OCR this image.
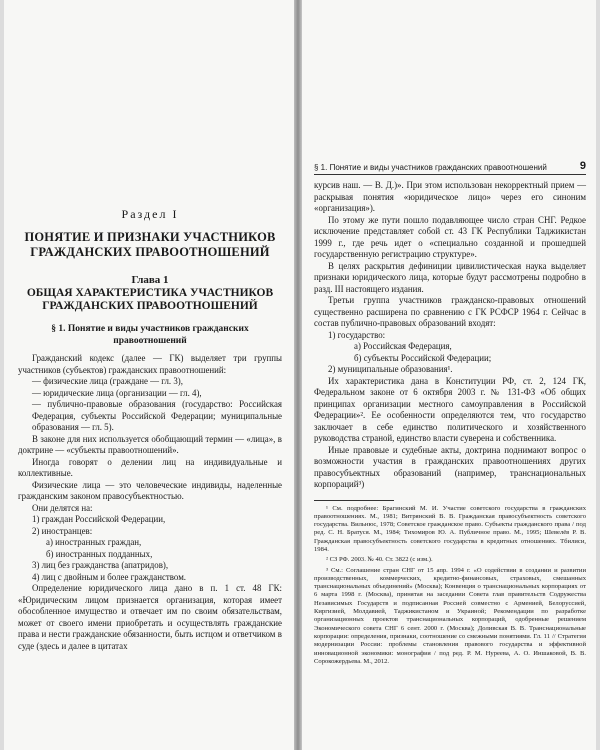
Раздел I
ПОНЯТИЕ И ПРИЗНАКИ УЧАСТНИКОВ ГРАЖДАНСКИХ ПРАВООТНОШЕНИЙ
Глава 1
ОБЩАЯ ХАРАКТЕРИСТИКА УЧАСТНИКОВ ГРАЖДАНСКИХ ПРАВООТНОШЕНИЙ
§ 1. Понятие и виды участников гражданских правоотношений

Гражданский кодекс (далее — ГК) выделяет три группы участников (субъектов) гражданских правоотношений:

— физические лица (граждане — гл. 3),

— юридические лица (организации — гл. 4),

— публично-правовые образования (государство: Российская Федерация, субъекты Российской Федерации; муниципальные образования — гл. 5).

В законе для них используется обобщающий термин — «лица», в доктрине — «субъекты правоотношений».

Иногда говорят о делении лиц на индивидуальные и коллективные.

Физические лица — это человеческие индивиды, наделенные гражданским законом правосубъектностью.

Они делятся на:

1) граждан Российской Федерации,

2) иностранцев:

а) иностранных граждан,

б) иностранных подданных,

3) лиц без гражданства (апатридов),

4) лиц с двойным и более гражданством.

Определение юридического лица дано в п. 1 ст. 48 ГК: «Юридическим лицом признается организация, которая имеет обособленное имущество и отвечает им по своим обязательствам, может от своего имени приобретать и осуществлять гражданские права и нести гражданские обязанности, быть истцом и ответчиком в суде (здесь и далее в цитатах

§ 1. Понятие и виды участников гражданских правоотношений	9

курсив наш. — В. Д.)». При этом использован некорректный прием — раскрывая понятия «юридическое лицо» через его синоним «организация»).

По этому же пути пошло подавляющее число стран СНГ. Редкое исключение представляет собой ст. 43 ГК Республики Таджикистан 1999 г., где речь идет о «специально созданной и прошедшей государственную регистрацию структуре».

В целях раскрытия дефиниции цивилистическая наука выделяет признаки юридического лица, которые будут рассмотрены подробно в разд. III настоящего издания.

Третьи группа участников гражданско-правовых отношений существенно расширена по сравнению с ГК РСФСР 1964 г. Сейчас в состав публично-правовых образований входят:

1) государство:

а) Российская Федерация,

б) субъекты Российской Федерации;

2) муниципальные образования¹.

Их характеристика дана в Конституции РФ, ст. 2, 124 ГК, Федеральном законе от 6 октября 2003 г. № 131-ФЗ «Об общих принципах организации местного самоуправления в Российской Федерации»². Ее особенности определяются тем, что государство заключает в себе единство политического и хозяйственного руководства страной, единство власти суверена и собственника.

Иные правовые и судебные акты, доктрина поднимают вопрос о возможности участия в гражданских правоотношениях других правосубъектных образований (например, транснациональных корпораций³)

¹ См. подробнее: Брагинский М. И. Участие советского государства в гражданских правоотношениях. М., 1981; Витрянский В. В. Гражданская правосубъектность советского государства. Вильнюс, 1978; Советское гражданское право. Субъекты гражданского права / под ред. С. Н. Братуся. М., 1984; Тихомиров Ю. А. Публичное право. М., 1995; Шевелёв Р. В. Гражданская правосубъектность советского государства в кредитных отношениях. Тбилиси, 1984.

² СЗ РФ. 2003. № 40. Ст. 3822 (с изм.).

³ См.: Соглашение стран СНГ от 15 апр. 1994 г. «О содействии в создании и развитии производственных, коммерческих, кредитно-финансовых, страховых, смешанных транснациональных объединений» (Москва); Конвенция о транснациональных корпорациях от 6 марта 1998 г. (Москва), принятая на заседании Совета глав правительств Содружества Независимых Государств и подписанная Россией совместно с Арменией, Белоруссией, Киргизией, Молдавией, Таджикистаном и Украиной; Рекомендации по разработке организационных проектов транснациональных корпораций, одобренные решением Экономического совета СНГ 6 сент. 2000 г. (Москва); Доливская В. В. Транснациональные корпорации: определения, признаки, соотношение со смежными понятиями. Гл. 11 // Стратегия модернизации России: проблемы становления правового государства и эффективной инновационной экономики: монография / под ред. Р. М. Нуреева, А. О. Иншаковой, В. В. Сорокожердьева. М., 2012.
